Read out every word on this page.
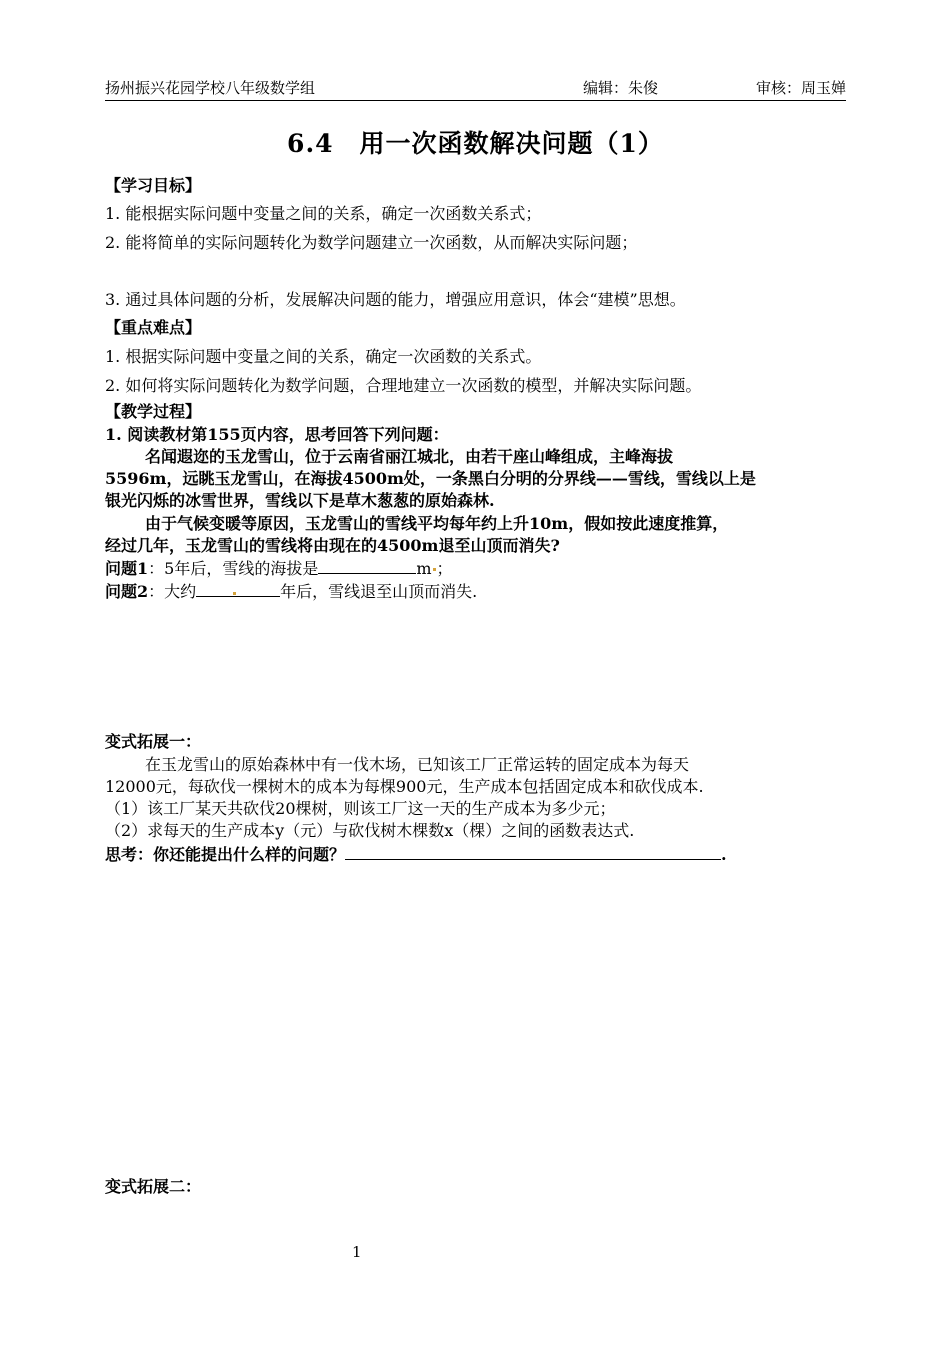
扬州振兴花园学校八年级数学组	编辑：朱俊	审核：周玉婵
6.4　用一次函数解决问题（1）
【学习目标】
1. 能根据实际问题中变量之间的关系，确定一次函数关系式；
2. 能将简单的实际问题转化为数学问题建立一次函数，从而解决实际问题；
3. 通过具体问题的分析，发展解决问题的能力，增强应用意识，体会“建模”思想。
【重点难点】
1. 根据实际问题中变量之间的关系，确定一次函数的关系式。
2. 如何将实际问题转化为数学问题，合理地建立一次函数的模型，并解决实际问题。
【教学过程】
1. 阅读教材第155页内容，思考回答下列问题：
名闻遐迩的玉龙雪山，位于云南省丽江城北，由若干座山峰组成，主峰海拔
5596m，远眺玉龙雪山，在海拔4500m处，一条黑白分明的分界线——雪线，雪线以上是
银光闪烁的冰雪世界，雪线以下是草木葱葱的原始森林.
由于气候变暖等原因，玉龙雪山的雪线平均每年约上升10m，假如按此速度推算，
经过几年，玉龙雪山的雪线将由现在的4500m退至山顶而消失?
问题1：5年后，雪线的海拔是	m ；
问题2：大约	年后，雪线退至山顶而消失.
变式拓展一：
在玉龙雪山的原始森林中有一伐木场，已知该工厂正常运转的固定成本为每天
12000元，每砍伐一棵树木的成本为每棵900元，生产成本包括固定成本和砍伐成本.
（1）该工厂某天共砍伐20棵树，则该工厂这一天的生产成本为多少元；
（2）求每天的生产成本y（元）与砍伐树木棵数x（棵）之间的函数表达式.
思考：你还能提出什么样的问题？	.
变式拓展二：
1
